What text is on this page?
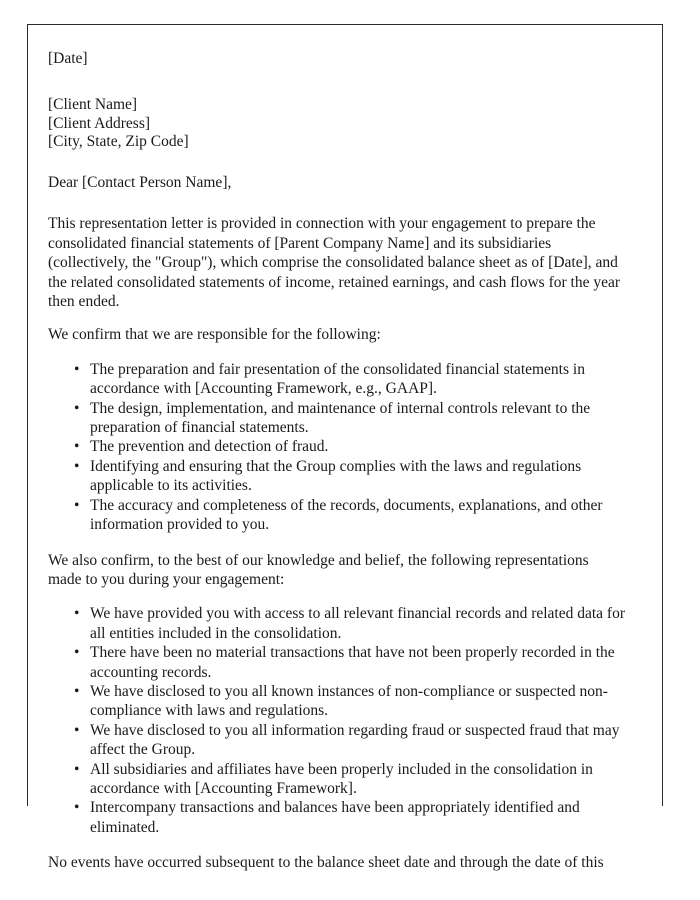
[Date]
[Client Name]
[Client Address]
[City, State, Zip Code]
Dear [Contact Person Name],

This representation letter is provided in connection with your engagement to prepare the consolidated financial statements of [Parent Company Name] and its subsidiaries (collectively, the "Group"), which comprise the consolidated balance sheet as of [Date], and the related consolidated statements of income, retained earnings, and cash flows for the year then ended.

We confirm that we are responsible for the following:

• The preparation and fair presentation of the consolidated financial statements in accordance with [Accounting Framework, e.g., GAAP].
• The design, implementation, and maintenance of internal controls relevant to the preparation of financial statements.
• The prevention and detection of fraud.
• Identifying and ensuring that the Group complies with the laws and regulations applicable to its activities.
• The accuracy and completeness of the records, documents, explanations, and other information provided to you.

We also confirm, to the best of our knowledge and belief, the following representations made to you during your engagement:

• We have provided you with access to all relevant financial records and related data for all entities included in the consolidation.
• There have been no material transactions that have not been properly recorded in the accounting records.
• We have disclosed to you all known instances of non-compliance or suspected non-compliance with laws and regulations.
• We have disclosed to you all information regarding fraud or suspected fraud that may affect the Group.
• All subsidiaries and affiliates have been properly included in the consolidation in accordance with [Accounting Framework].
• Intercompany transactions and balances have been appropriately identified and eliminated.

No events have occurred subsequent to the balance sheet date and through the date of this
